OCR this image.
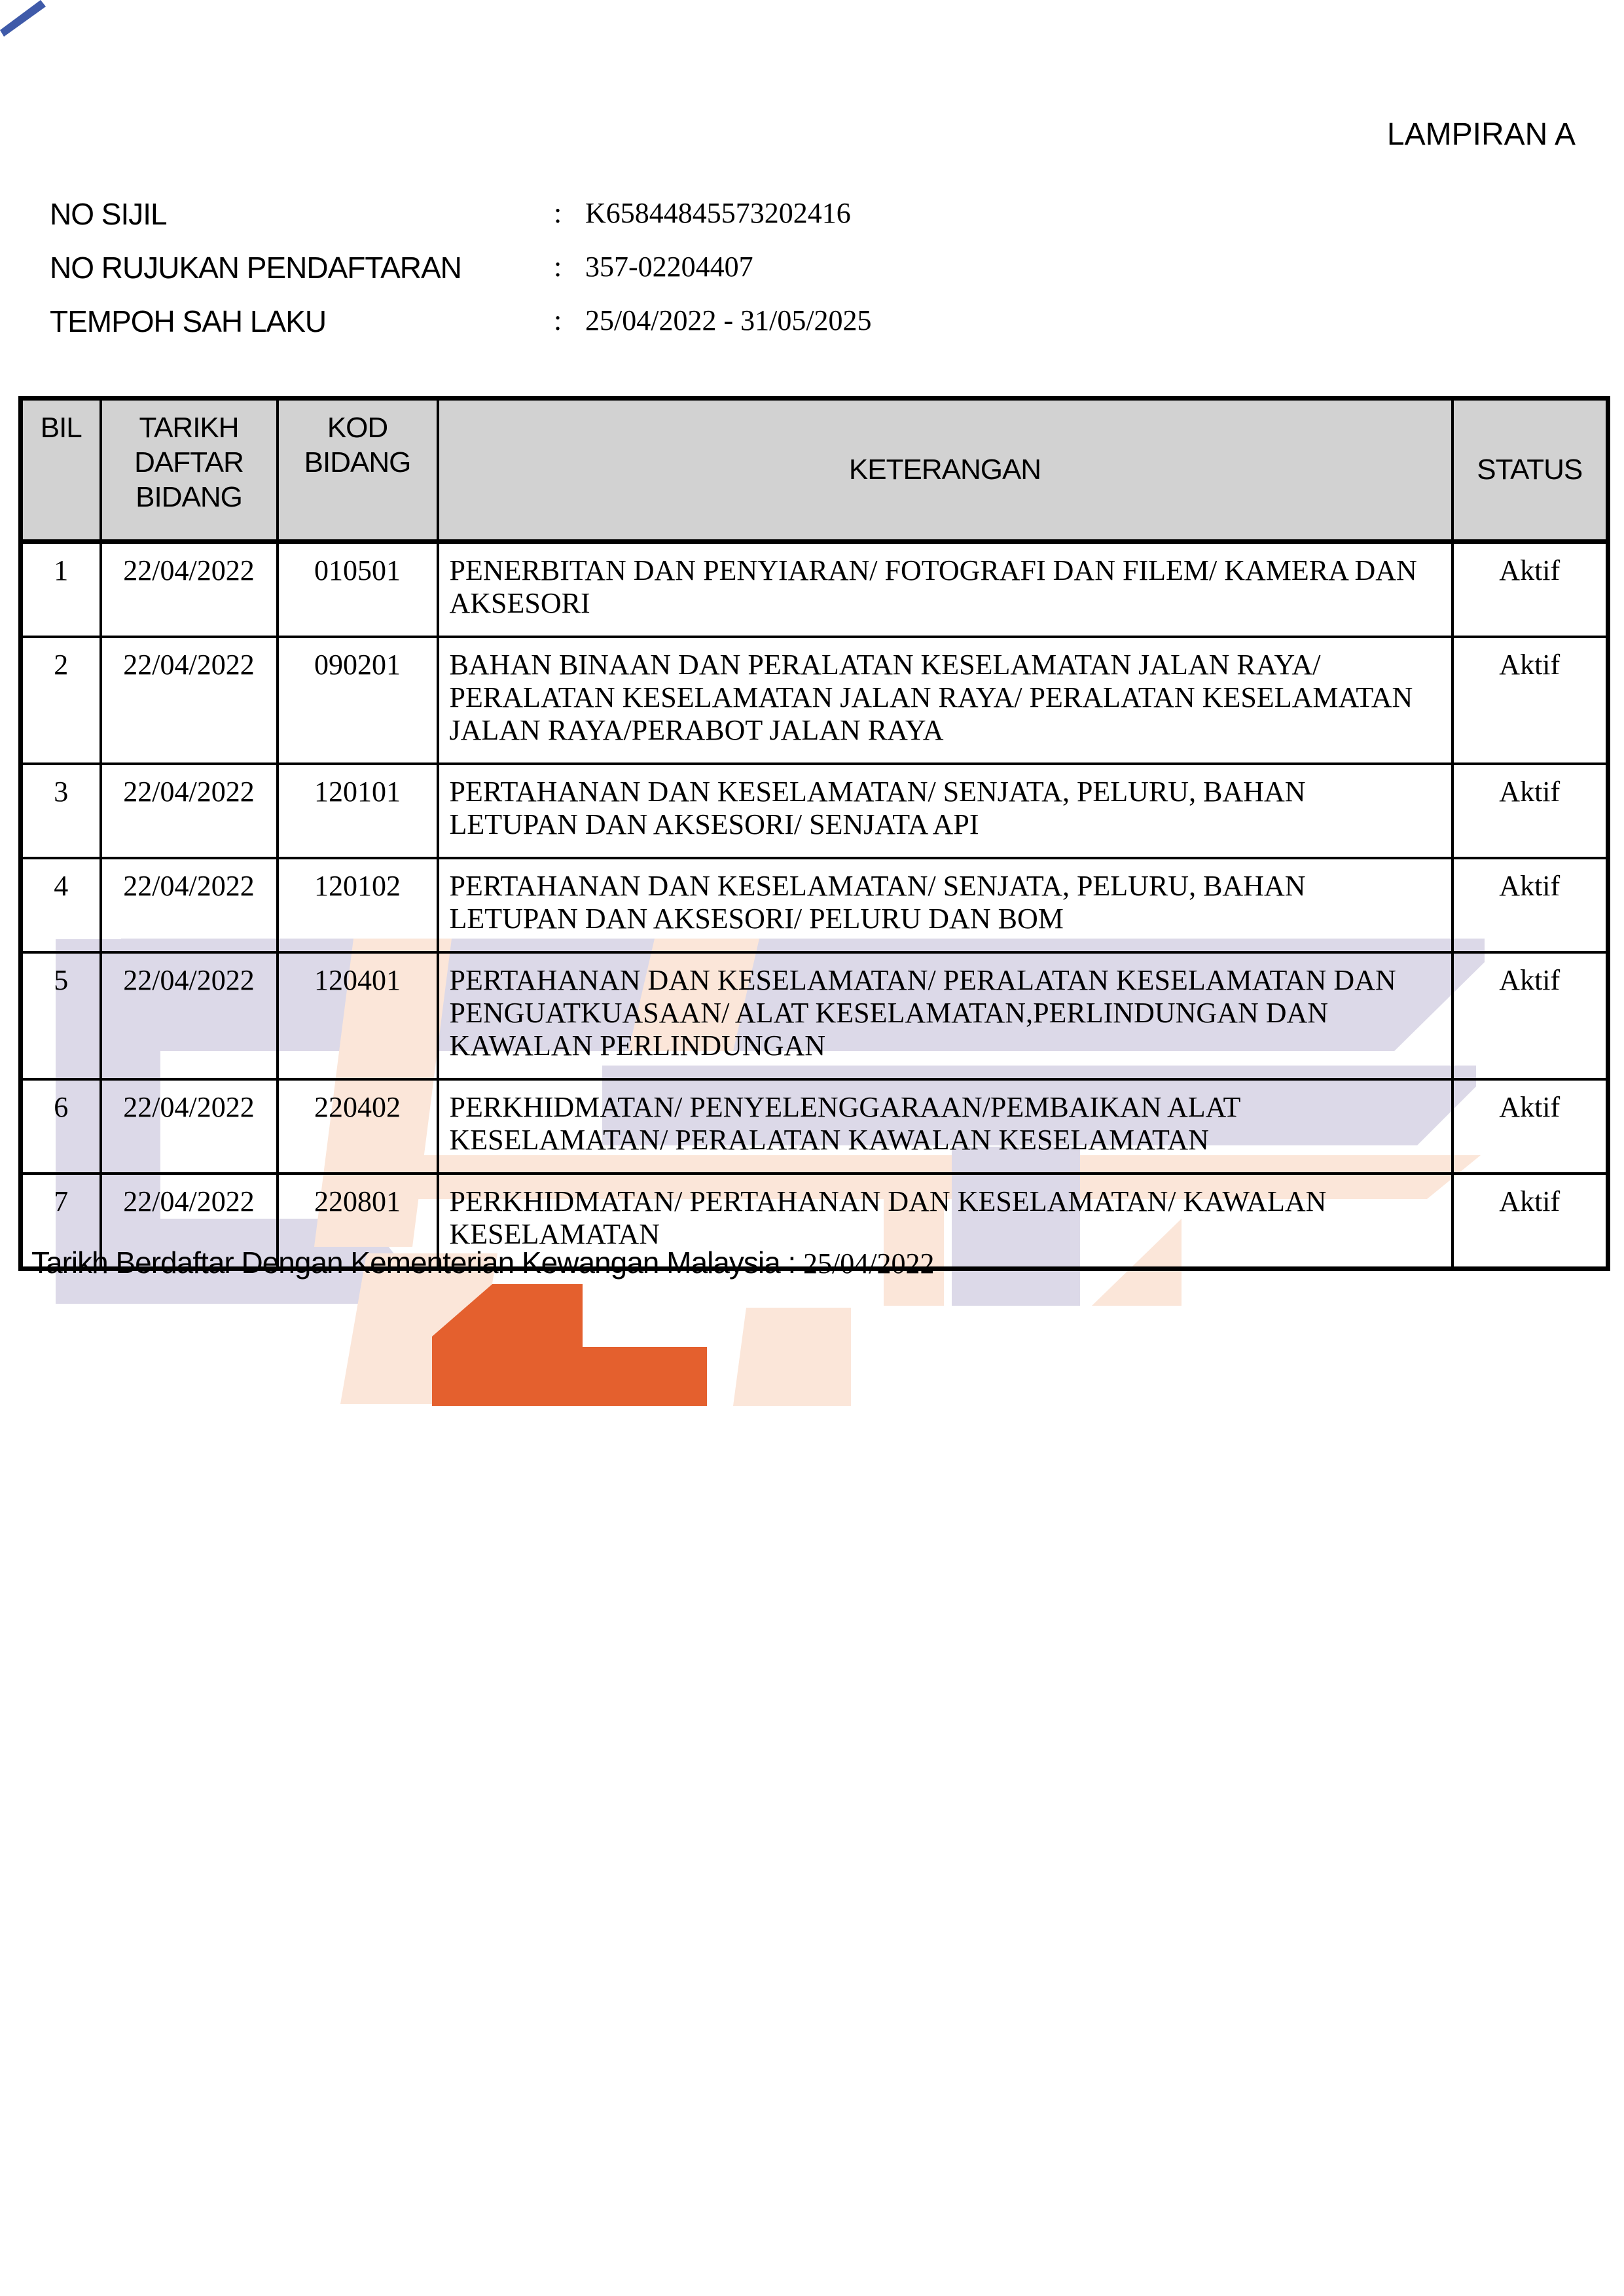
LAMPIRAN A
NO SIJIL	: K65844845573202416
NO RUJUKAN PENDAFTARAN	: 357-02204407
TEMPOH SAH LAKU	: 25/04/2022 - 31/05/2025
BIL	TARIKH DAFTAR BIDANG	KOD BIDANG	KETERANGAN	STATUS
1	22/04/2022	010501	PENERBITAN DAN PENYIARAN/ FOTOGRAFI DAN FILEM/ KAMERA DAN AKSESORI	Aktif
2	22/04/2022	090201	BAHAN BINAAN DAN PERALATAN KESELAMATAN JALAN RAYA/ PERALATAN KESELAMATAN JALAN RAYA/ PERALATAN KESELAMATAN JALAN RAYA/PERABOT JALAN RAYA	Aktif
3	22/04/2022	120101	PERTAHANAN DAN KESELAMATAN/ SENJATA, PELURU, BAHAN LETUPAN DAN AKSESORI/ SENJATA API	Aktif
4	22/04/2022	120102	PERTAHANAN DAN KESELAMATAN/ SENJATA, PELURU, BAHAN LETUPAN DAN AKSESORI/ PELURU DAN BOM	Aktif
5	22/04/2022	120401	PERTAHANAN DAN KESELAMATAN/ PERALATAN KESELAMATAN DAN PENGUATKUASAAN/ ALAT KESELAMATAN,PERLINDUNGAN DAN KAWALAN PERLINDUNGAN	Aktif
6	22/04/2022	220402	PERKHIDMATAN/ PENYELENGGARAAN/PEMBAIKAN ALAT KESELAMATAN/ PERALATAN KAWALAN KESELAMATAN	Aktif
7	22/04/2022	220801	PERKHIDMATAN/ PERTAHANAN DAN KESELAMATAN/ KAWALAN KESELAMATAN	Aktif
Tarikh Berdaftar Dengan Kementerian Kewangan Malaysia : 25/04/2022
